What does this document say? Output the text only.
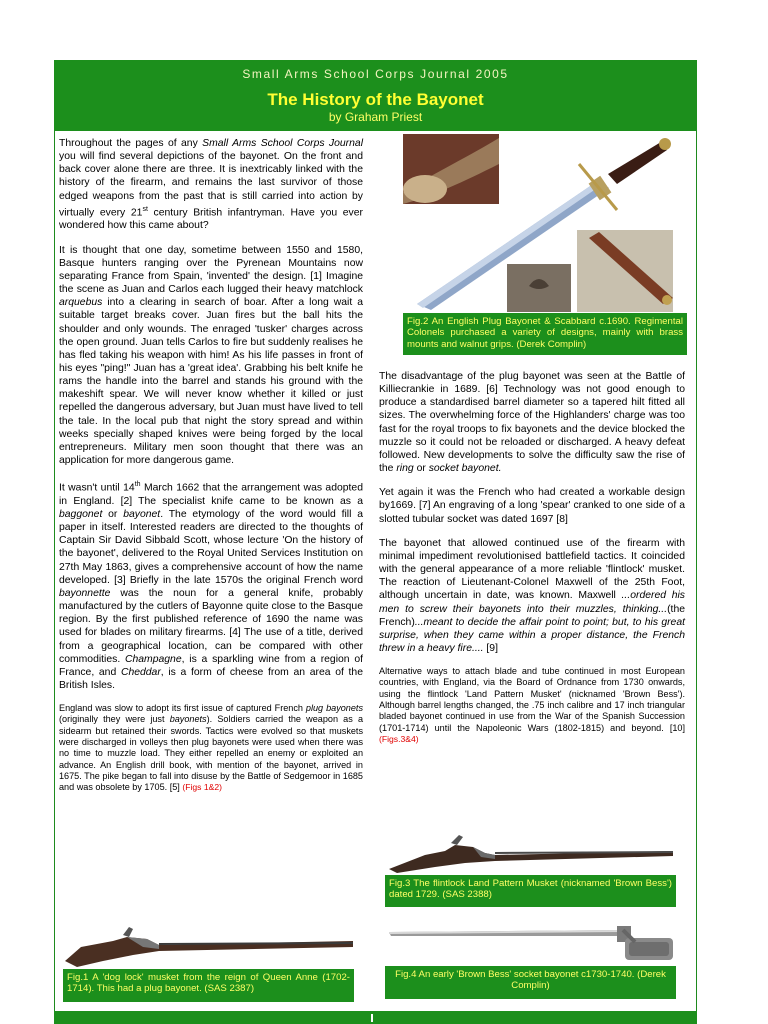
Small Arms School Corps Journal 2005
The History of the Bayonet
by Graham Priest

Throughout the pages of any Small Arms School Corps Journal you will find several depictions of the bayonet. On the front and back cover alone there are three. It is inextricably linked with the history of the firearm, and remains the last survivor of those edged weapons from the past that is still carried into action by virtually every 21st century British infantryman. Have you ever wondered how this came about?

It is thought that one day, sometime between 1550 and 1580, Basque hunters ranging over the Pyrenean Mountains now separating France from Spain, 'invented' the design. [1] Imagine the scene as Juan and Carlos each lugged their heavy matchlock arquebus into a clearing in search of boar. After a long wait a suitable target breaks cover. Juan fires but the ball hits the shoulder and only wounds. The enraged 'tusker' charges across the open ground. Juan tells Carlos to fire but suddenly realises he has fled taking his weapon with him! As his life passes in front of his eyes "ping!" Juan has a 'great idea'. Grabbing his belt knife he rams the handle into the barrel and stands his ground with the makeshift spear. We will never know whether it killed or just repelled the dangerous adversary, but Juan must have lived to tell the tale. In the local pub that night the story spread and within weeks specially shaped knives were being forged by the local entrepreneurs. Military men soon thought that there was an application for more dangerous game.

It wasn't until 14th March 1662 that the arrangement was adopted in England. [2] The specialist knife came to be known as a baggonet or bayonet. The etymology of the word would fill a paper in itself. Interested readers are directed to the thoughts of Captain Sir David Sibbald Scott, whose lecture 'On the history of the bayonet', delivered to the Royal United Services Institution on 27th May 1863, gives a comprehensive account of how the name developed. [3] Briefly in the late 1570s the original French word bayonnette was the noun for a general knife, probably manufactured by the cutlers of Bayonne quite close to the Basque region. By the first published reference of 1690 the name was used for blades on military firearms. [4] The use of a title, derived from a geographical location, can be compared with other commodities. Champagne, is a sparkling wine from a region of France, and Cheddar, is a form of cheese from an area of the British Isles.

England was slow to adopt its first issue of captured French plug bayonets (originally they were just bayonets). Soldiers carried the weapon as a sidearm but retained their swords. Tactics were evolved so that muskets were discharged in volleys then plug bayonets were used when there was no time to muzzle load. They either repelled an enemy or exploited an advance. An English drill book, with mention of the bayonet, arrived in 1675. The pike began to fall into disuse by the Battle of Sedgemoor in 1685 and was obsolete by 1705. [5] (Figs 1&2)

The disadvantage of the plug bayonet was seen at the Battle of Killiecrankie in 1689. [6] Technology was not good enough to produce a standardised barrel diameter so a tapered hilt fitted all sizes. The overwhelming force of the Highlanders' charge was too fast for the royal troops to fix bayonets and the device blocked the muzzle so it could not be reloaded or discharged. A heavy defeat followed. New developments to solve the difficulty saw the rise of the ring or socket bayonet.

Yet again it was the French who had created a workable design by1669. [7] An engraving of a long 'spear' cranked to one side of a slotted tubular socket was dated 1697 [8]

The bayonet that allowed continued use of the firearm with minimal impediment revolutionised battlefield tactics. It coincided with the general appearance of a more reliable 'flintlock' musket. The reaction of Lieutenant-Colonel Maxwell of the 25th Foot, although uncertain in date, was known. Maxwell ...ordered his men to screw their bayonets into their muzzles, thinking...(the French)...meant to decide the affair point to point; but, to his great surprise, when they came within a proper distance, the French threw in a heavy fire.... [9]

Alternative ways to attach blade and tube continued in most European countries, with England, via the Board of Ordnance from 1730 onwards, using the flintlock 'Land Pattern Musket' (nicknamed 'Brown Bess'). Although barrel lengths changed, the .75 inch calibre and 17 inch triangular bladed bayonet continued in use from the War of the Spanish Succession (1701-1714) until the Napoleonic Wars (1802-1815) and beyond. [10] (Figs.3&4)

Fig.2 An English Plug Bayonet & Scabbard c.1690. Regimental Colonels purchased a variety of designs, mainly with brass mounts and walnut grips. (Derek Complin)
Fig.3 The flintlock Land Pattern Musket (nicknamed 'Brown Bess') dated 1729. (SAS 2388)
Fig.4 An early 'Brown Bess' socket bayonet c1730-1740. (Derek Complin)
Fig.1 A 'dog lock' musket from the reign of Queen Anne (1702-1714). This had a plug bayonet. (SAS 2387)
